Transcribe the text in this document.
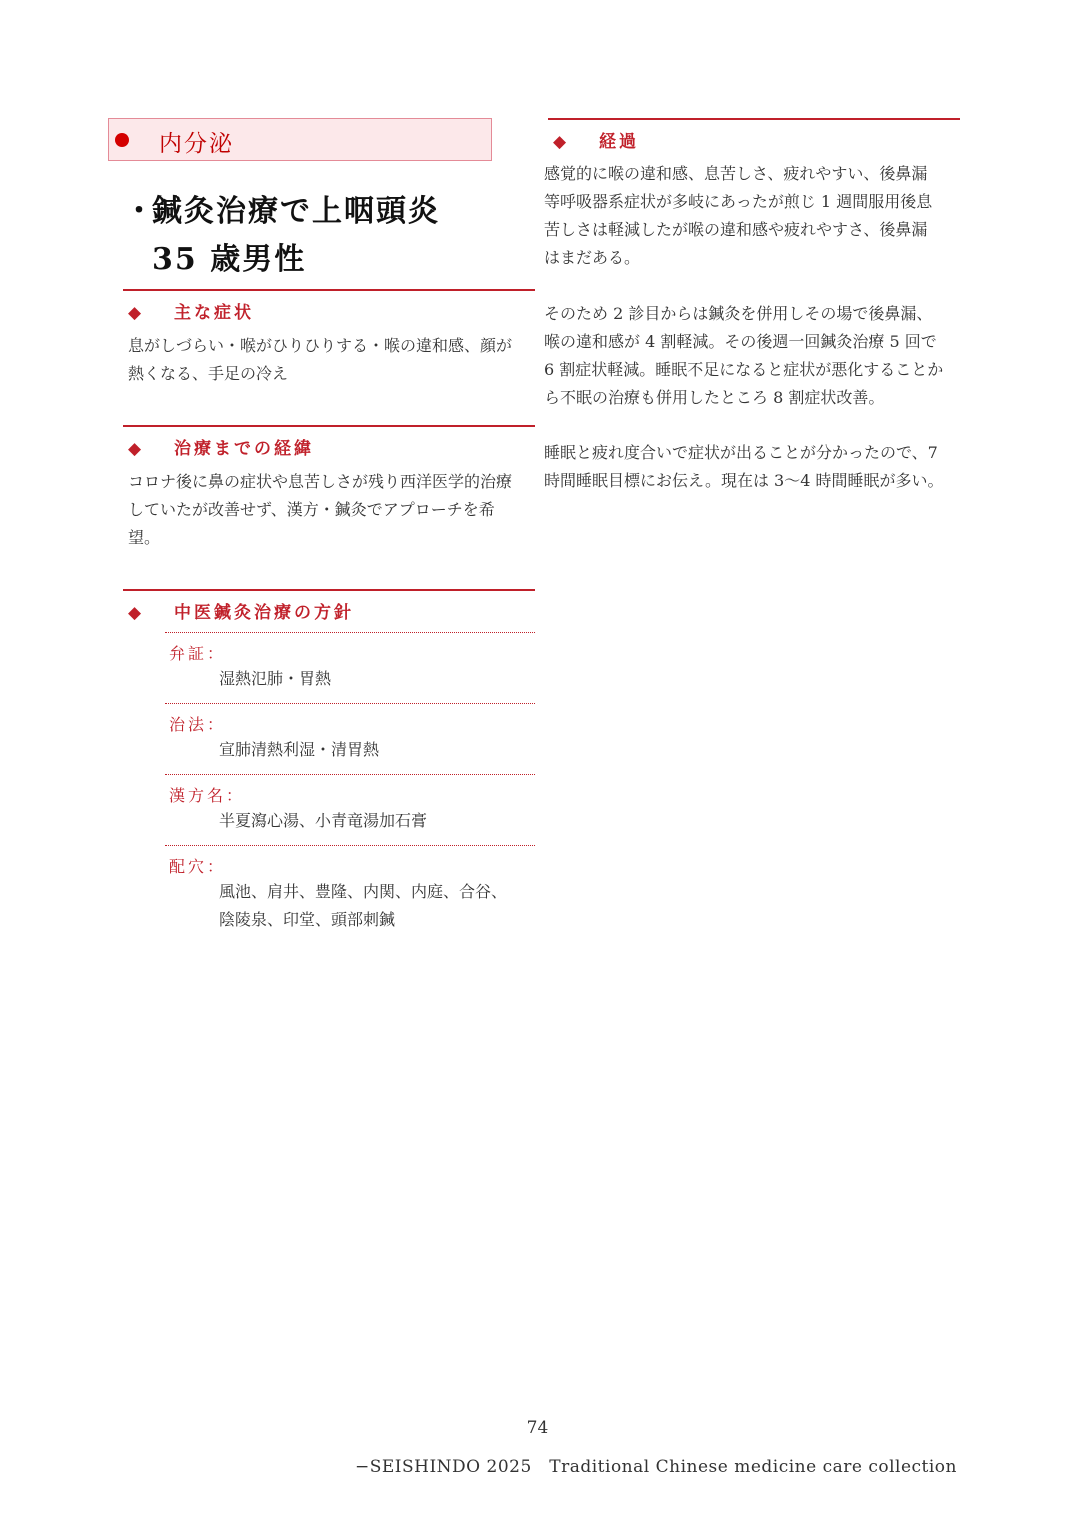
内分泌
・鍼灸治療で上咽頭炎
35 歳男性
◆ 主な症状
息がしづらい・喉がひりひりする・喉の違和感、顔が
熱くなる、手足の冷え
◆ 治療までの経緯
コロナ後に鼻の症状や息苦しさが残り西洋医学的治療
していたが改善せず、漢方・鍼灸でアプローチを希
望。
◆ 中医鍼灸治療の方針
弁証：
湿熱氾肺・胃熱
治法：
宣肺清熱利湿・清胃熱
漢方名：
半夏瀉心湯、小青竜湯加石膏
配穴：
風池、肩井、豊隆、内関、内庭、合谷、
陰陵泉、印堂、頭部刺鍼
◆ 経過
感覚的に喉の違和感、息苦しさ、疲れやすい、後鼻漏
等呼吸器系症状が多岐にあったが煎じ 1 週間服用後息
苦しさは軽減したが喉の違和感や疲れやすさ、後鼻漏
はまだある。
そのため 2 診目からは鍼灸を併用しその場で後鼻漏、
喉の違和感が 4 割軽減。その後週一回鍼灸治療 5 回で
6 割症状軽減。睡眠不足になると症状が悪化することか
ら不眠の治療も併用したところ 8 割症状改善。
睡眠と疲れ度合いで症状が出ることが分かったので、7
時間睡眠目標にお伝え。現在は 3〜4 時間睡眠が多い。
74
−SEISHINDO 2025　Traditional Chinese medicine care collection
